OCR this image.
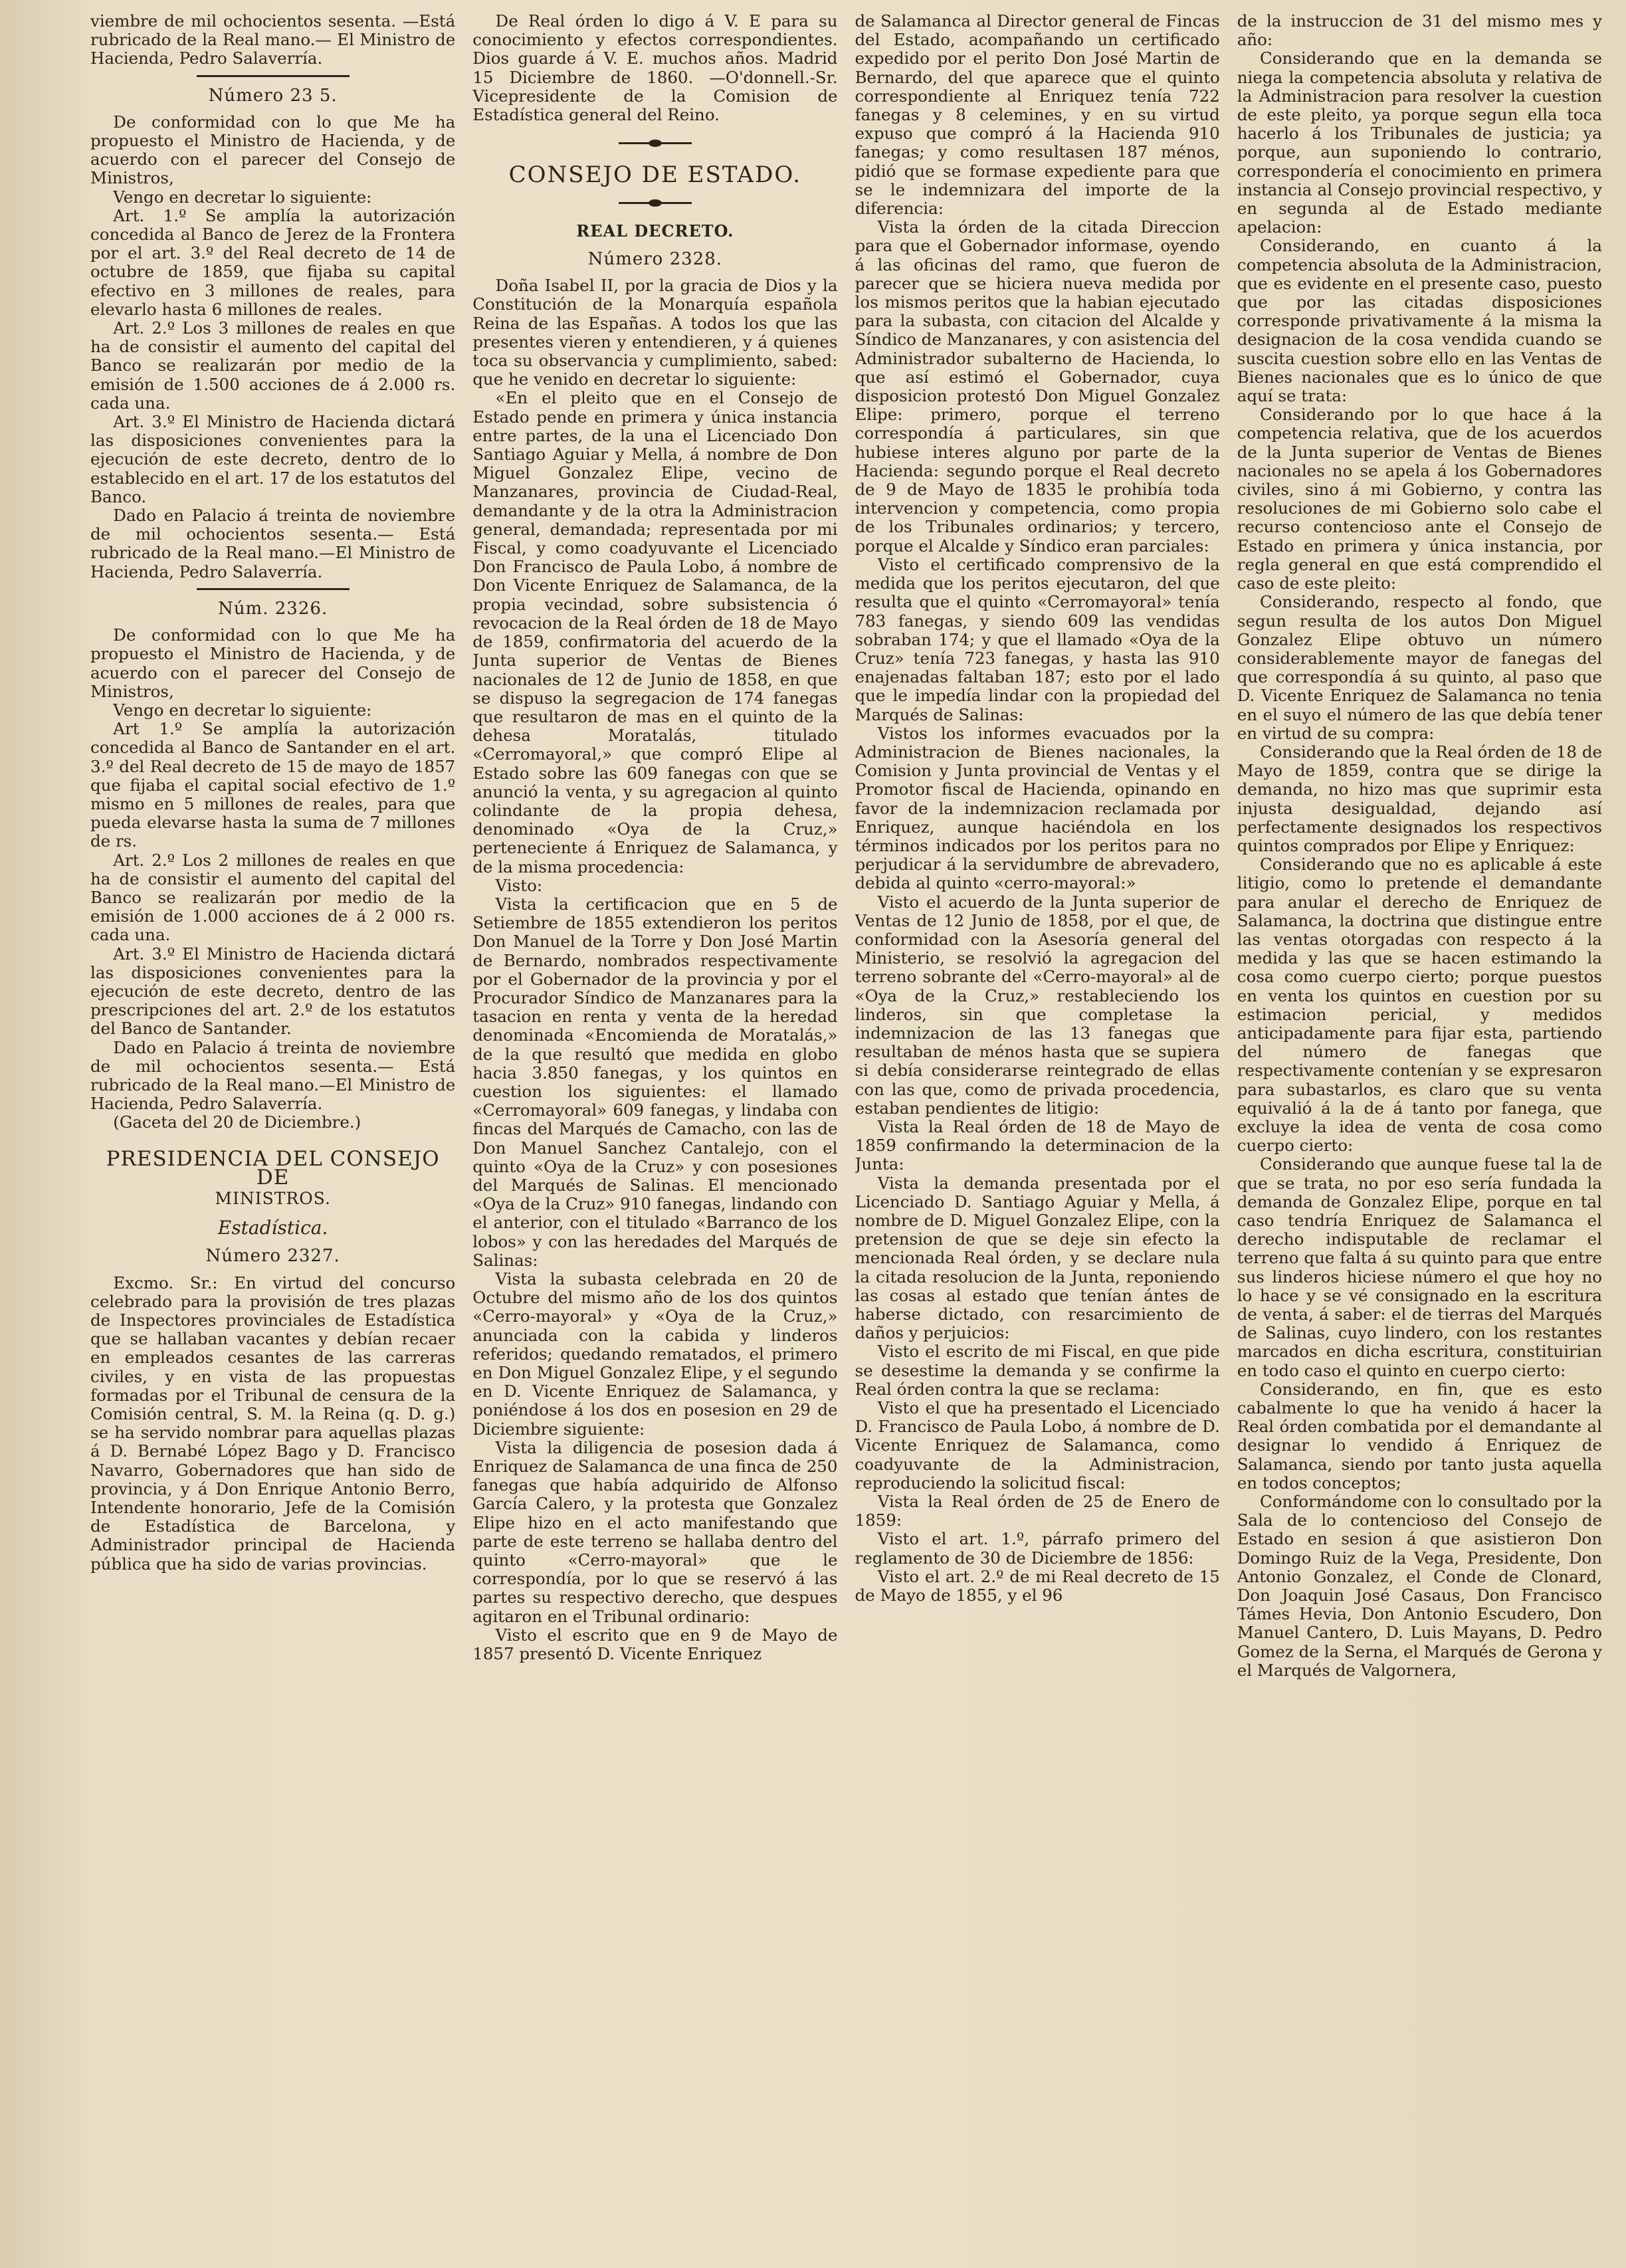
viembre de mil ochocientos sesenta. —Está rubricado de la Real mano.— El Ministro de Hacienda, Pedro Salaverría.

Número 23 5.

De conformidad con lo que Me ha propuesto el Ministro de Hacienda, y de acuerdo con el parecer del Consejo de Ministros,

Vengo en decretar lo siguiente:

Art. 1.º Se amplía la autorización concedida al Banco de Jerez de la Frontera por el art. 3.º del Real decreto de 14 de octubre de 1859, que fijaba su capital efectivo en 3 millones de reales, para elevarlo hasta 6 millones de reales.

Art. 2.º Los 3 millones de reales en que ha de consistir el aumento del capital del Banco se realizarán por medio de la emisión de 1.500 acciones de á 2.000 rs. cada una.

Art. 3.º El Ministro de Hacienda dictará las disposiciones convenientes para la ejecución de este decreto, dentro de lo establecido en el art. 17 de los estatutos del Banco.

Dado en Palacio á treinta de noviembre de mil ochocientos sesenta.— Está rubricado de la Real mano.—El Ministro de Hacienda, Pedro Salaverría.

Núm. 2326.

De conformidad con lo que Me ha propuesto el Ministro de Hacienda, y de acuerdo con el parecer del Consejo de Ministros,

Vengo en decretar lo siguiente:

Art 1.º Se amplía la autorización concedida al Banco de Santander en el art. 3.º del Real decreto de 15 de mayo de 1857 que fijaba el capital social efectivo de 1.º mismo en 5 millones de reales, para que pueda elevarse hasta la suma de 7 millones de rs.

Art. 2.º Los 2 millones de reales en que ha de consistir el aumento del capital del Banco se realizarán por medio de la emisión de 1.000 acciones de á 2 000 rs. cada una.

Art. 3.º El Ministro de Hacienda dictará las disposiciones convenientes para la ejecución de este decreto, dentro de las prescripciones del art. 2.º de los estatutos del Banco de Santander.

Dado en Palacio á treinta de noviembre de mil ochocientos sesenta.— Está rubricado de la Real mano.—El Ministro de Hacienda, Pedro Salaverría.

(Gaceta del 20 de Diciembre.)

PRESIDENCIA DEL CONSEJO DE
MINISTROS.
Estadística.
Número 2327.

Excmo. Sr.: En virtud del concurso celebrado para la provisión de tres plazas de Inspectores provinciales de Estadística que se hallaban vacantes y debían recaer en empleados cesantes de las carreras civiles, y en vista de las propuestas formadas por el Tribunal de censura de la Comisión central, S. M. la Reina (q. D. g.) se ha servido nombrar para aquellas plazas á D. Bernabé López Bago y D. Francisco Navarro, Gobernadores que han sido de provincia, y á Don Enrique Antonio Berro, Intendente honorario, Jefe de la Comisión de Estadística de Barcelona, y Administrador principal de Hacienda pública que ha sido de varias provincias.

De Real órden lo digo á V. E para su conocimiento y efectos correspondientes. Dios guarde á V. E. muchos años. Madrid 15 Diciembre de 1860. —O'donnell.-Sr. Vicepresidente de la Comision de Estadística general del Reino.

CONSEJO DE ESTADO.
REAL DECRETO.
Número 2328.

Doña Isabel II, por la gracia de Dios y la Constitución de la Monarquía española Reina de las Españas. A todos los que las presentes vieren y entendieren, y á quienes toca su observancia y cumplimiento, sabed: que he venido en decretar lo siguiente:

«En el pleito que en el Consejo de Estado pende en primera y única instancia entre partes, de la una el Licenciado Don Santiago Aguiar y Mella, á nombre de Don Miguel Gonzalez Elipe, vecino de Manzanares, provincia de Ciudad-Real, demandante y de la otra la Administracion general, demandada; representada por mi Fiscal, y como coadyuvante el Licenciado Don Francisco de Paula Lobo, á nombre de Don Vicente Enriquez de Salamanca, de la propia vecindad, sobre subsistencia ó revocacion de la Real órden de 18 de Mayo de 1859, confirmatoria del acuerdo de la Junta superior de Ventas de Bienes nacionales de 12 de Junio de 1858, en que se dispuso la segregacion de 174 fanegas que resultaron de mas en el quinto de la dehesa Moratalás, titulado «Cerromayoral,» que compró Elipe al Estado sobre las 609 fanegas con que se anunció la venta, y su agregacion al quinto colindante de la propia dehesa, denominado «Oya de la Cruz,» perteneciente á Enriquez de Salamanca, y de la misma procedencia:

Visto:

Vista la certificacion que en 5 de Setiembre de 1855 extendieron los peritos Don Manuel de la Torre y Don José Martin de Bernardo, nombrados respectivamente por el Gobernador de la provincia y por el Procurador Síndico de Manzanares para la tasacion en renta y venta de la heredad denominada «Encomienda de Moratalás,» de la que resultó que medida en globo hacia 3.850 fanegas, y los quintos en cuestion los siguientes: el llamado «Cerromayoral» 609 fanegas, y lindaba con fincas del Marqués de Camacho, con las de Don Manuel Sanchez Cantalejo, con el quinto «Oya de la Cruz» y con posesiones del Marqués de Salinas. El mencionado «Oya de la Cruz» 910 fanegas, lindando con el anterior, con el titulado «Barranco de los lobos» y con las heredades del Marqués de Salinas:

Vista la subasta celebrada en 20 de Octubre del mismo año de los dos quintos «Cerro-mayoral» y «Oya de la Cruz,» anunciada con la cabida y linderos referidos; quedando rematados, el primero en Don Miguel Gonzalez Elipe, y el segundo en D. Vicente Enriquez de Salamanca, y poniéndose á los dos en posesion en 29 de Diciembre siguiente:

Vista la diligencia de posesion dada á Enriquez de Salamanca de una finca de 250 fanegas que había adquirido de Alfonso García Calero, y la protesta que Gonzalez Elipe hizo en el acto manifestando que parte de este terreno se hallaba dentro del quinto «Cerro-mayoral» que le correspondía, por lo que se reservó á las partes su respectivo derecho, que despues agitaron en el Tribunal ordinario:

Visto el escrito que en 9 de Mayo de 1857 presentó D. Vicente Enriquez

de Salamanca al Director general de Fincas del Estado, acompañando un certificado expedido por el perito Don José Martin de Bernardo, del que aparece que el quinto correspondiente al Enriquez tenía 722 fanegas y 8 celemines, y en su virtud expuso que compró á la Hacienda 910 fanegas; y como resultasen 187 ménos, pidió que se formase expediente para que se le indemnizara del importe de la diferencia:

Vista la órden de la citada Direccion para que el Gobernador informase, oyendo á las oficinas del ramo, que fueron de parecer que se hiciera nueva medida por los mismos peritos que la habian ejecutado para la subasta, con citacion del Alcalde y Síndico de Manzanares, y con asistencia del Administrador subalterno de Hacienda, lo que así estimó el Gobernador, cuya disposicion protestó Don Miguel Gonzalez Elipe: primero, porque el terreno correspondía á particulares, sin que hubiese interes alguno por parte de la Hacienda: segundo porque el Real decreto de 9 de Mayo de 1835 le prohibía toda intervencion y competencia, como propia de los Tribunales ordinarios; y tercero, porque el Alcalde y Síndico eran parciales:

Visto el certificado comprensivo de la medida que los peritos ejecutaron, del que resulta que el quinto «Cerromayoral» tenía 783 fanegas, y siendo 609 las vendidas sobraban 174; y que el llamado «Oya de la Cruz» tenía 723 fanegas, y hasta las 910 enajenadas faltaban 187; esto por el lado que le impedía lindar con la propiedad del Marqués de Salinas:

Vistos los informes evacuados por la Administracion de Bienes nacionales, la Comision y Junta provincial de Ventas y el Promotor fiscal de Hacienda, opinando en favor de la indemnizacion reclamada por Enriquez, aunque haciéndola en los términos indicados por los peritos para no perjudicar á la servidumbre de abrevadero, debida al quinto «cerro-mayoral:»

Visto el acuerdo de la Junta superior de Ventas de 12 Junio de 1858, por el que, de conformidad con la Asesoría general del Ministerio, se resolvió la agregacion del terreno sobrante del «Cerro-mayoral» al de «Oya de la Cruz,» restableciendo los linderos, sin que completase la indemnizacion de las 13 fanegas que resultaban de ménos hasta que se supiera si debía considerarse reintegrado de ellas con las que, como de privada procedencia, estaban pendientes de litigio:

Vista la Real órden de 18 de Mayo de 1859 confirmando la determinacion de la Junta:

Vista la demanda presentada por el Licenciado D. Santiago Aguiar y Mella, á nombre de D. Miguel Gonzalez Elipe, con la pretension de que se deje sin efecto la mencionada Real órden, y se declare nula la citada resolucion de la Junta, reponiendo las cosas al estado que tenían ántes de haberse dictado, con resarcimiento de daños y perjuicios:

Visto el escrito de mi Fiscal, en que pide se desestime la demanda y se confirme la Real órden contra la que se reclama:

Visto el que ha presentado el Licenciado D. Francisco de Paula Lobo, á nombre de D. Vicente Enriquez de Salamanca, como coadyuvante de la Administracion, reproduciendo la solicitud fiscal:

Vista la Real órden de 25 de Enero de 1859:

Visto el art. 1.º, párrafo primero del reglamento de 30 de Diciembre de 1856:

Visto el art. 2.º de mi Real decreto de 15 de Mayo de 1855, y el 96

de la instruccion de 31 del mismo mes y año:

Considerando que en la demanda se niega la competencia absoluta y relativa de la Administracion para resolver la cuestion de este pleito, ya porque segun ella toca hacerlo á los Tribunales de justicia; ya porque, aun suponiendo lo contrario, correspondería el conocimiento en primera instancia al Consejo provincial respectivo, y en segunda al de Estado mediante apelacion:

Considerando, en cuanto á la competencia absoluta de la Administracion, que es evidente en el presente caso, puesto que por las citadas disposiciones corresponde privativamente á la misma la designacion de la cosa vendida cuando se suscita cuestion sobre ello en las Ventas de Bienes nacionales que es lo único de que aquí se trata:

Considerando por lo que hace á la competencia relativa, que de los acuerdos de la Junta superior de Ventas de Bienes nacionales no se apela á los Gobernadores civiles, sino á mi Gobierno, y contra las resoluciones de mi Gobierno solo cabe el recurso contencioso ante el Consejo de Estado en primera y única instancia, por regla general en que está comprendido el caso de este pleito:

Considerando, respecto al fondo, que segun resulta de los autos Don Miguel Gonzalez Elipe obtuvo un número considerablemente mayor de fanegas del que correspondía á su quinto, al paso que D. Vicente Enriquez de Salamanca no tenia en el suyo el número de las que debía tener en virtud de su compra:

Considerando que la Real órden de 18 de Mayo de 1859, contra que se dirige la demanda, no hizo mas que suprimir esta injusta desigualdad, dejando así perfectamente designados los respectivos quintos comprados por Elipe y Enriquez:

Considerando que no es aplicable á este litigio, como lo pretende el demandante para anular el derecho de Enriquez de Salamanca, la doctrina que distingue entre las ventas otorgadas con respecto á la medida y las que se hacen estimando la cosa como cuerpo cierto; porque puestos en venta los quintos en cuestion por su estimacion pericial, y medidos anticipadamente para fijar esta, partiendo del número de fanegas que respectivamente contenían y se expresaron para subastarlos, es claro que su venta equivalió á la de á tanto por fanega, que excluye la idea de venta de cosa como cuerpo cierto:

Considerando que aunque fuese tal la de que se trata, no por eso sería fundada la demanda de Gonzalez Elipe, porque en tal caso tendría Enriquez de Salamanca el derecho indisputable de reclamar el terreno que falta á su quinto para que entre sus linderos hiciese número el que hoy no lo hace y se vé consignado en la escritura de venta, á saber: el de tierras del Marqués de Salinas, cuyo lindero, con los restantes marcados en dicha escritura, constituirian en todo caso el quinto en cuerpo cierto:

Considerando, en fin, que es esto cabalmente lo que ha venido á hacer la Real órden combatida por el demandante al designar lo vendido á Enriquez de Salamanca, siendo por tanto justa aquella en todos conceptos;

Conformándome con lo consultado por la Sala de lo contencioso del Consejo de Estado en sesion á que asistieron Don Domingo Ruiz de la Vega, Presidente, Don Antonio Gonzalez, el Conde de Clonard, Don Joaquin José Casaus, Don Francisco Támes Hevia, Don Antonio Escudero, Don Manuel Cantero, D. Luis Mayans, D. Pedro Gomez de la Serna, el Marqués de Gerona y el Marqués de Valgornera,
